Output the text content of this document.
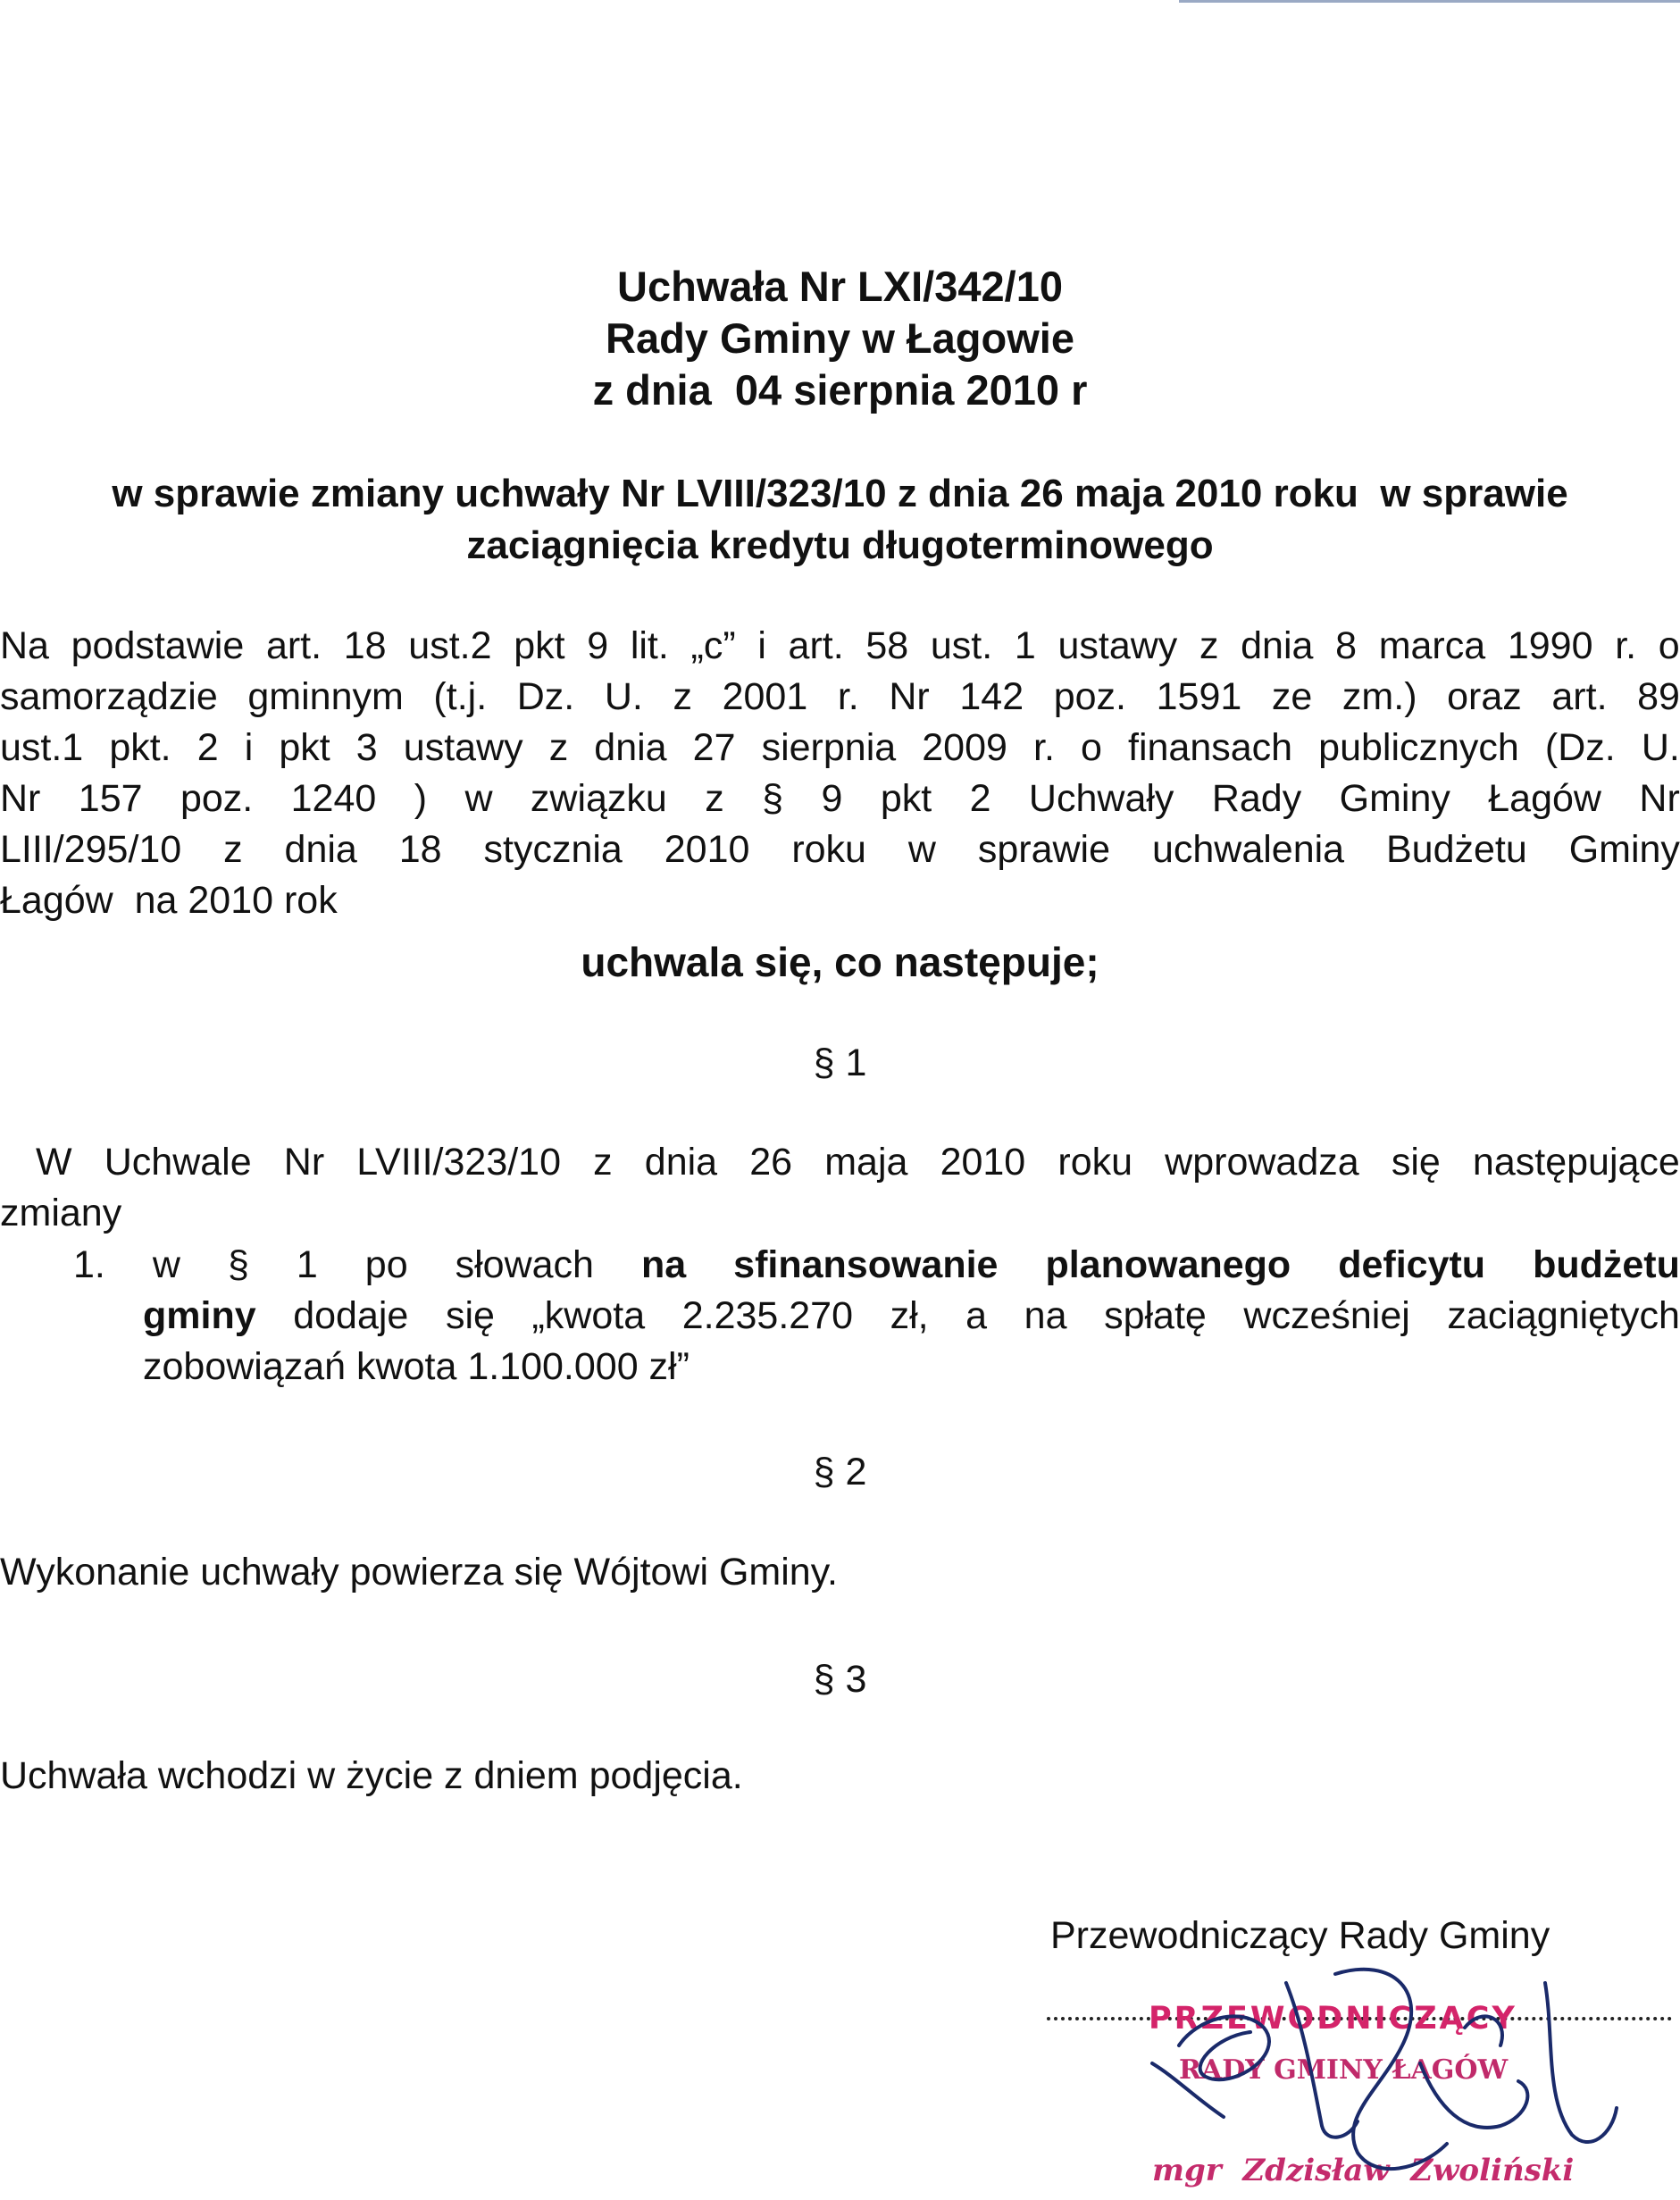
Uchwała Nr LXI/342/10
Rady Gminy w Łagowie
z dnia  04 sierpnia 2010 r
w sprawie zmiany uchwały Nr LVIII/323/10 z dnia 26 maja 2010 roku  w sprawie
zaciągnięcia kredytu długoterminowego
Na podstawie art. 18 ust.2 pkt 9 lit. „c” i art. 58 ust. 1 ustawy z dnia 8 marca 1990 r. o
samorządzie gminnym (t.j. Dz. U. z 2001 r. Nr 142 poz. 1591 ze zm.) oraz art. 89
ust.1 pkt. 2 i pkt 3 ustawy z dnia 27 sierpnia 2009 r. o finansach publicznych (Dz. U.
Nr 157 poz. 1240 ) w związku z § 9 pkt 2 Uchwały Rady Gminy Łagów Nr
LIII/295/10 z dnia 18 stycznia 2010 roku w sprawie uchwalenia Budżetu Gminy
Łagów  na 2010 rok
uchwala się, co następuje;
§ 1
W Uchwale Nr LVIII/323/10 z dnia 26 maja 2010 roku wprowadza się następujące
zmiany
1. w § 1 po słowach na sfinansowanie planowanego deficytu budżetu
gminy dodaje się „kwota 2.235.270 zł, a na spłatę wcześniej zaciągniętych
zobowiązań kwota 1.100.000 zł”
§ 2
Wykonanie uchwały powierza się Wójtowi Gminy.
§ 3
Uchwała wchodzi w życie z dniem podjęcia.
Przewodniczący Rady Gminy
PRZEWODNICZĄCY
RADY GMINY ŁAGÓW
mgr  Zdzisław  Zwoliński
